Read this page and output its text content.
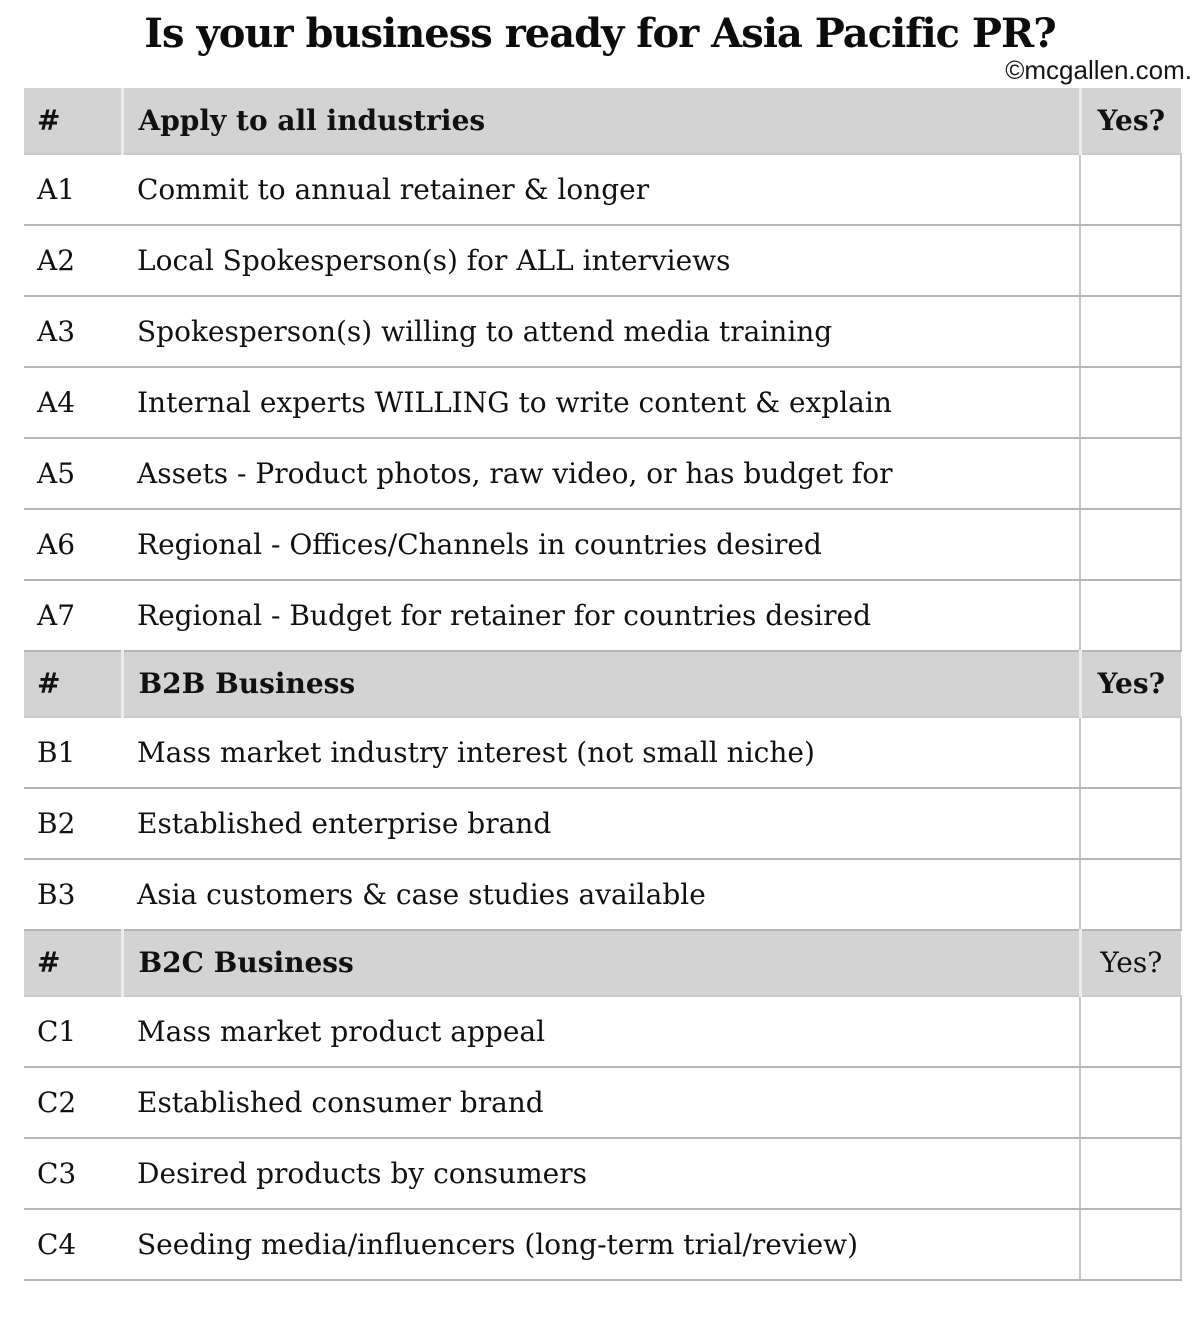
Is your business ready for Asia Pacific PR?
©mcgallen.com.
#	Apply to all industries	Yes?
A1	Commit to annual retainer & longer	
A2	Local Spokesperson(s) for ALL interviews	
A3	Spokesperson(s) willing to attend media training	
A4	Internal experts WILLING to write content & explain	
A5	Assets - Product photos, raw video, or has budget for	
A6	Regional - Offices/Channels in countries desired	
A7	Regional - Budget for retainer for countries desired	
#	B2B Business	Yes?
B1	Mass market industry interest (not small niche)	
B2	Established enterprise brand	
B3	Asia customers & case studies available	
#	B2C Business	Yes?
C1	Mass market product appeal	
C2	Established consumer brand	
C3	Desired products by consumers	
C4	Seeding media/influencers (long-term trial/review)	
